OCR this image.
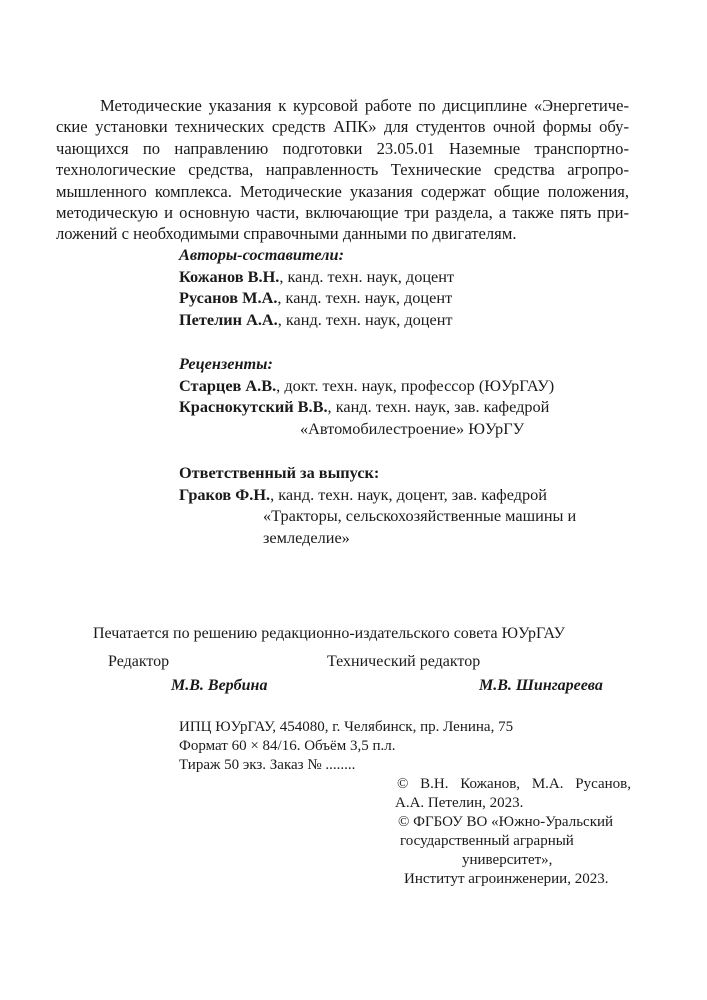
Методические указания к курсовой работе по дисциплине «Энергетиче-
ские установки технических средств АПК» для студентов очной формы обу-
чающихся по направлению подготовки 23.05.01 Наземные транспортно-
технологические средства, направленность Технические средства агропро-
мышленного комплекса. Методические указания содержат общие положения,
методическую и основную части, включающие три раздела, а также пять при-
ложений с необходимыми справочными данными по двигателям.
Авторы-составители:
Кожанов В.Н., канд. техн. наук, доцент
Русанов М.А., канд. техн. наук, доцент
Петелин А.А., канд. техн. наук, доцент
Рецензенты:
Старцев А.В., докт. техн. наук, профессор (ЮУрГАУ)
Краснокутский В.В., канд. техн. наук, зав. кафедрой
«Автомобилестроение» ЮУрГУ
Ответственный за выпуск:
Граков Ф.Н., канд. техн. наук, доцент, зав. кафедрой
«Тракторы, сельскохозяйственные машины и
земледелие»
Печатается по решению редакционно-издательского совета ЮУрГАУ
Редактор	Технический редактор
М.В. Вербина	М.В. Шингареева
ИПЦ ЮУрГАУ, 454080, г. Челябинск, пр. Ленина, 75
Формат 60 × 84/16. Объём 3,5 п.л.
Тираж 50 экз. Заказ № ........
© В.Н. Кожанов, М.А. Русанов,
А.А. Петелин, 2023.
© ФГБОУ ВО «Южно-Уральский
государственный аграрный
университет»,
Институт агроинженерии, 2023.
